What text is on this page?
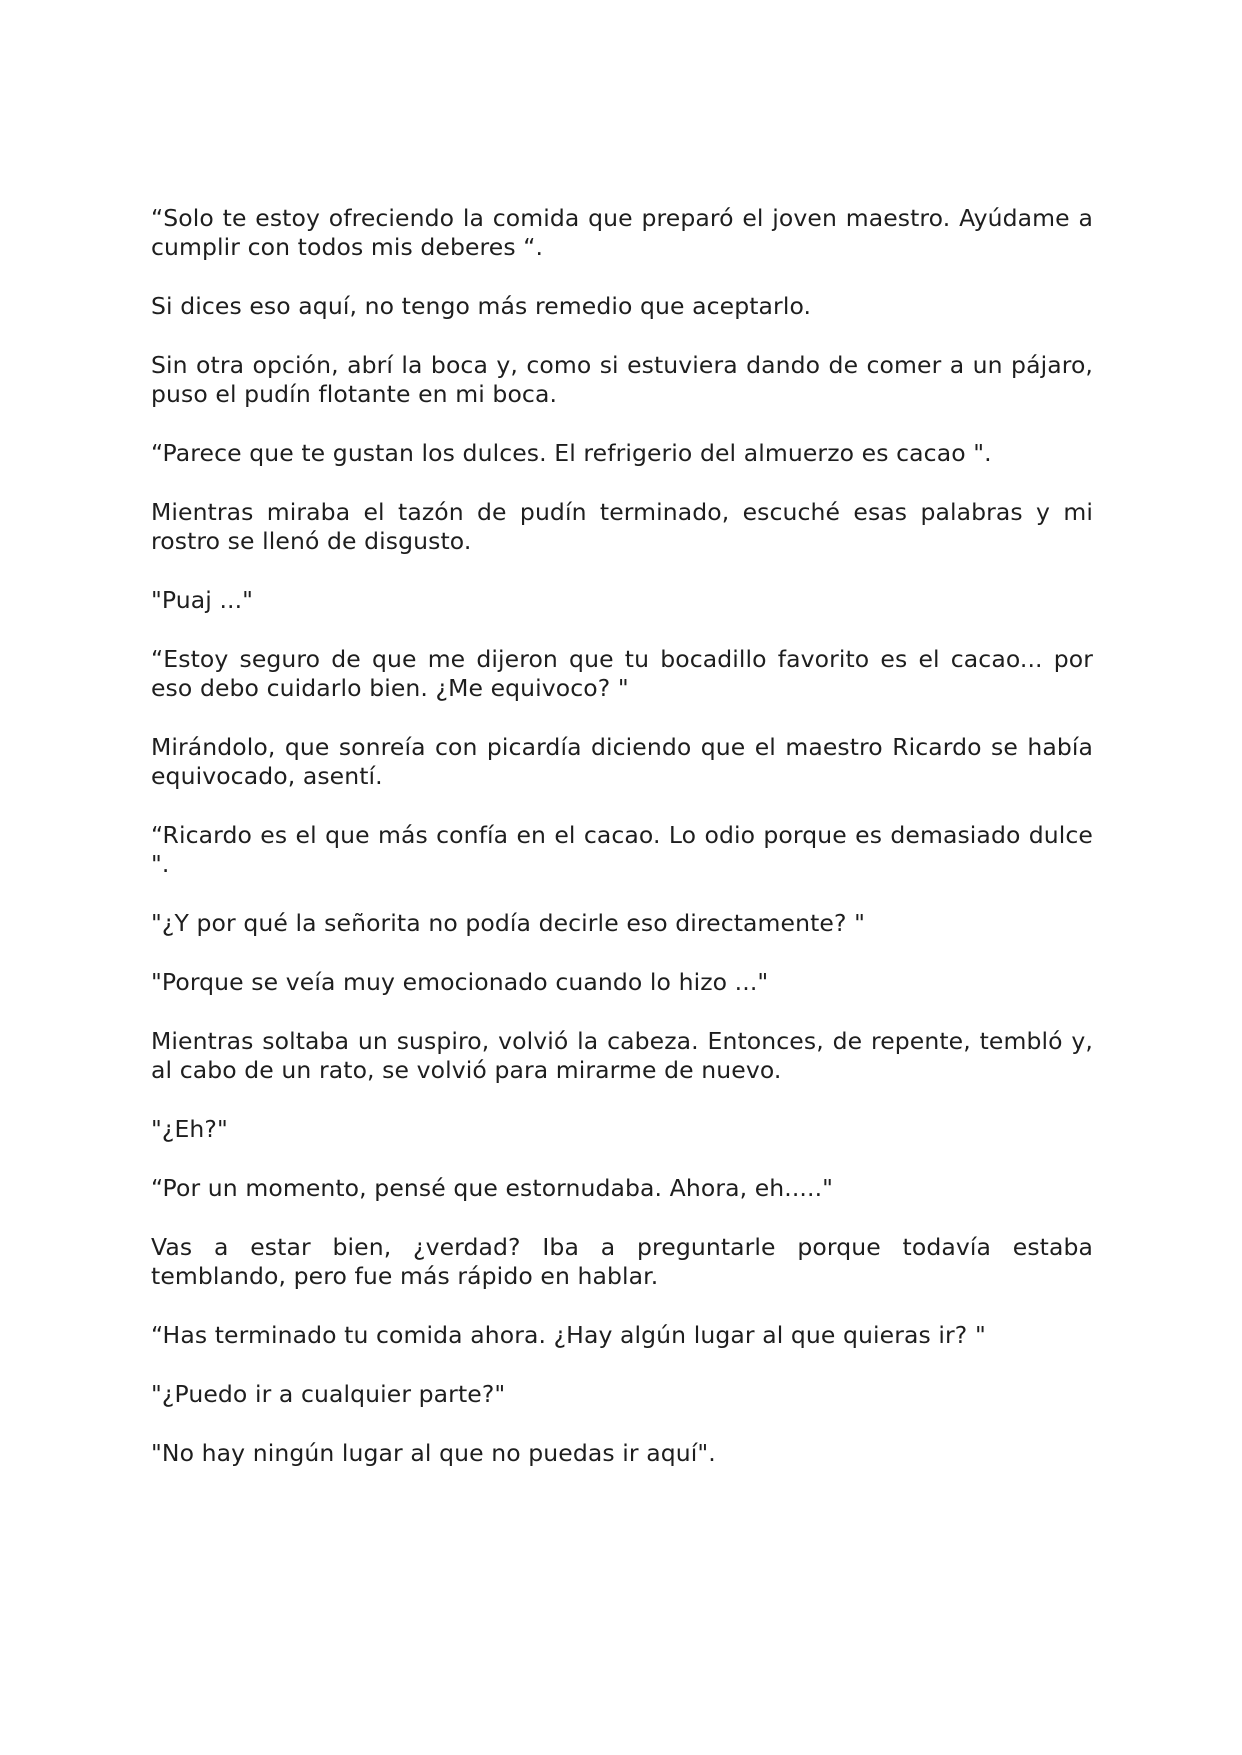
“Solo te estoy ofreciendo la comida que preparó el joven maestro. Ayúdame a cumplir con todos mis deberes “.

Si dices eso aquí, no tengo más remedio que aceptarlo.

Sin otra opción, abrí la boca y, como si estuviera dando de comer a un pájaro, puso el pudín flotante en mi boca.

“Parece que te gustan los dulces. El refrigerio del almuerzo es cacao ".

Mientras miraba el tazón de pudín terminado, escuché esas palabras y mi rostro se llenó de disgusto.

"Puaj ..."

“Estoy seguro de que me dijeron que tu bocadillo favorito es el cacao... por eso debo cuidarlo bien. ¿Me equivoco? "

Mirándolo, que sonreía con picardía diciendo que el maestro Ricardo se había equivocado, asentí.

“Ricardo es el que más confía en el cacao. Lo odio porque es demasiado dulce ".

"¿Y por qué la señorita no podía decirle eso directamente? "

"Porque se veía muy emocionado cuando lo hizo ..."

Mientras soltaba un suspiro, volvió la cabeza. Entonces, de repente, tembló y, al cabo de un rato, se volvió para mirarme de nuevo.

"¿Eh?"

“Por un momento, pensé que estornudaba. Ahora, eh....."

Vas a estar bien, ¿verdad? Iba a preguntarle porque todavía estaba temblando, pero fue más rápido en hablar.

“Has terminado tu comida ahora. ¿Hay algún lugar al que quieras ir? "

"¿Puedo ir a cualquier parte?"

"No hay ningún lugar al que no puedas ir aquí".
